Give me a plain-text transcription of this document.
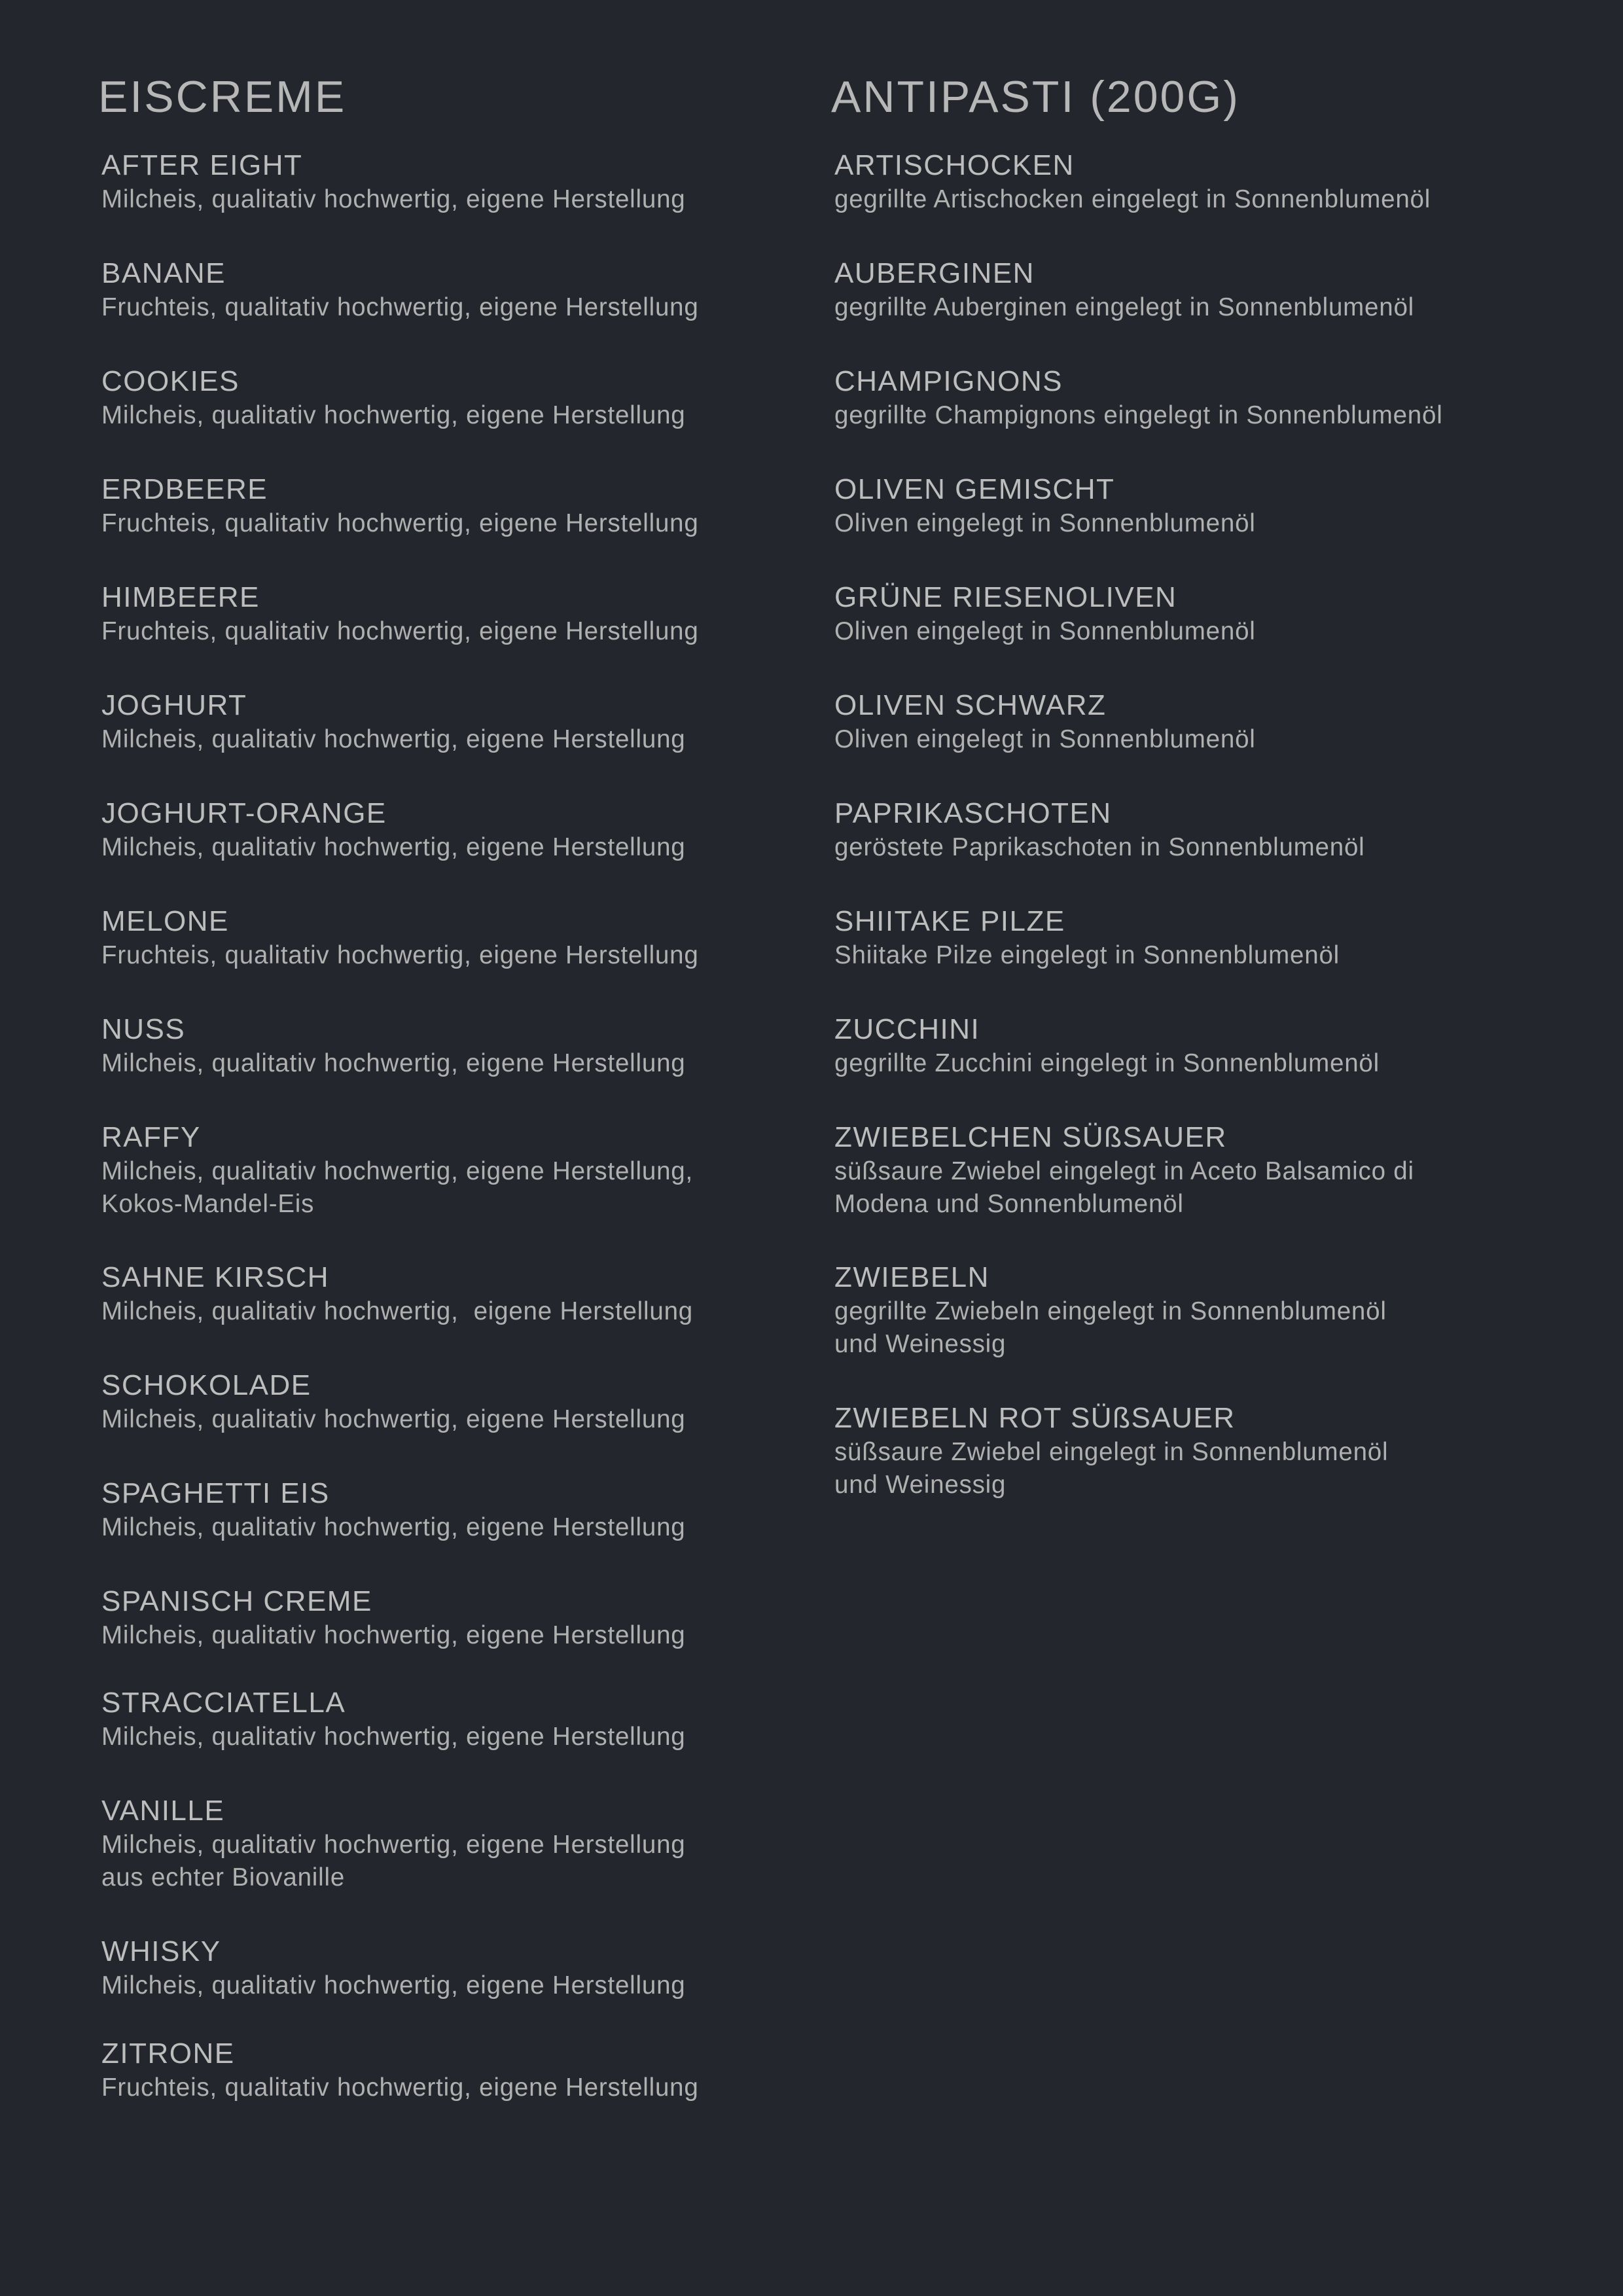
EISCREME
AFTER EIGHT
Milcheis, qualitativ hochwertig, eigene Herstellung
BANANE
Fruchteis, qualitativ hochwertig, eigene Herstellung
COOKIES
Milcheis, qualitativ hochwertig, eigene Herstellung
ERDBEERE
Fruchteis, qualitativ hochwertig, eigene Herstellung
HIMBEERE
Fruchteis, qualitativ hochwertig, eigene Herstellung
JOGHURT
Milcheis, qualitativ hochwertig, eigene Herstellung
JOGHURT-ORANGE
Milcheis, qualitativ hochwertig, eigene Herstellung
MELONE
Fruchteis, qualitativ hochwertig, eigene Herstellung
NUSS
Milcheis, qualitativ hochwertig, eigene Herstellung
RAFFY
Milcheis, qualitativ hochwertig, eigene Herstellung,
Kokos-Mandel-Eis
SAHNE KIRSCH
Milcheis, qualitativ hochwertig,  eigene Herstellung
SCHOKOLADE
Milcheis, qualitativ hochwertig, eigene Herstellung
SPAGHETTI EIS
Milcheis, qualitativ hochwertig, eigene Herstellung
SPANISCH CREME
Milcheis, qualitativ hochwertig, eigene Herstellung
STRACCIATELLA
Milcheis, qualitativ hochwertig, eigene Herstellung
VANILLE
Milcheis, qualitativ hochwertig, eigene Herstellung
aus echter Biovanille
WHISKY
Milcheis, qualitativ hochwertig, eigene Herstellung
ZITRONE
Fruchteis, qualitativ hochwertig, eigene Herstellung
ANTIPASTI (200G)
ARTISCHOCKEN
gegrillte Artischocken eingelegt in Sonnenblumenöl
AUBERGINEN
gegrillte Auberginen eingelegt in Sonnenblumenöl
CHAMPIGNONS
gegrillte Champignons eingelegt in Sonnenblumenöl
OLIVEN GEMISCHT
Oliven eingelegt in Sonnenblumenöl
GRÜNE RIESENOLIVEN
Oliven eingelegt in Sonnenblumenöl
OLIVEN SCHWARZ
Oliven eingelegt in Sonnenblumenöl
PAPRIKASCHOTEN
geröstete Paprikaschoten in Sonnenblumenöl
SHIITAKE PILZE
Shiitake Pilze eingelegt in Sonnenblumenöl
ZUCCHINI
gegrillte Zucchini eingelegt in Sonnenblumenöl
ZWIEBELCHEN SÜßSAUER
süßsaure Zwiebel eingelegt in Aceto Balsamico di
Modena und Sonnenblumenöl
ZWIEBELN
gegrillte Zwiebeln eingelegt in Sonnenblumenöl
und Weinessig
ZWIEBELN ROT SÜßSAUER
süßsaure Zwiebel eingelegt in Sonnenblumenöl
und Weinessig
